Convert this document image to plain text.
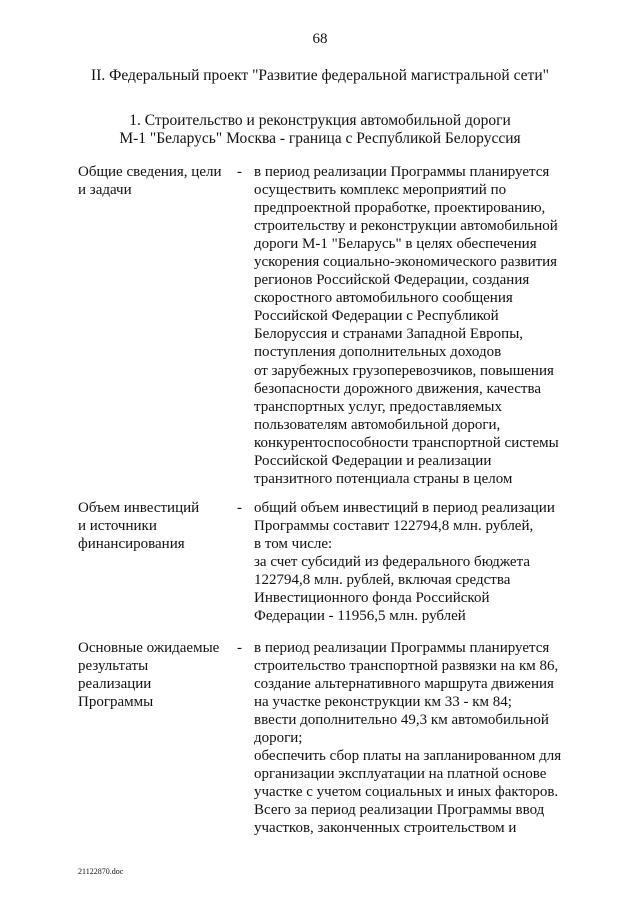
68
II. Федеральный проект "Развитие федеральной магистральной сети"
1. Строительство и реконструкция автомобильной дороги
М-1 "Беларусь" Москва - граница с Республикой Белоруссия
Общие сведения, цели
и задачи
- в период реализации Программы планируется
осуществить комплекс мероприятий по
предпроектной проработке, проектированию,
строительству и реконструкции автомобильной
дороги М-1 "Беларусь" в целях обеспечения
ускорения социально-экономического развития
регионов Российской Федерации, создания
скоростного автомобильного сообщения
Российской Федерации с Республикой
Белоруссия и странами Западной Европы,
поступления дополнительных доходов
от зарубежных грузоперевозчиков, повышения
безопасности дорожного движения, качества
транспортных услуг, предоставляемых
пользователям автомобильной дороги,
конкурентоспособности транспортной системы
Российской Федерации и реализации
транзитного потенциала страны в целом
Объем инвестиций
и источники
финансирования
- общий объем инвестиций в период реализации
Программы составит 122794,8 млн. рублей,
в том числе:
за счет субсидий из федерального бюджета
122794,8 млн. рублей, включая средства
Инвестиционного фонда Российской
Федерации - 11956,5 млн. рублей
Основные ожидаемые
результаты
реализации
Программы
- в период реализации Программы планируется
строительство транспортной развязки на км 86,
создание альтернативного маршрута движения
на участке реконструкции км 33 - км 84;
ввести дополнительно 49,3 км автомобильной
дороги;
обеспечить сбор платы на запланированном для
организации эксплуатации на платной основе
участке с учетом социальных и иных факторов.
Всего за период реализации Программы ввод
участков, законченных строительством и
21122870.doc
